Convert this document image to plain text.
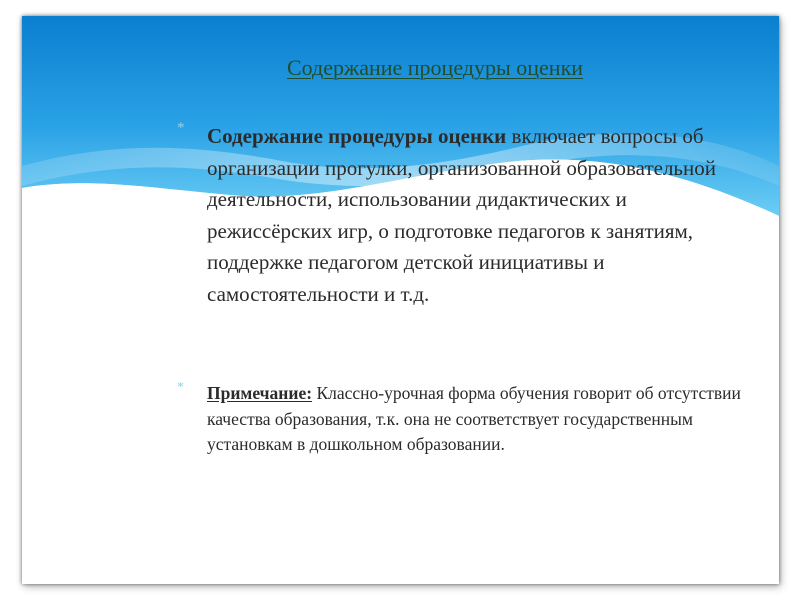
Содержание процедуры оценки
* Содержание процедуры оценки включает вопросы об организации прогулки, организованной образовательной деятельности, использовании дидактических и режиссёрских игр, о подготовке педагогов к занятиям, поддержке педагогом детской инициативы и самостоятельности и т.д.

* Примечание: Классно-урочная форма обучения говорит об отсутствии качества образования, т.к. она не соответствует государственным установкам в дошкольном образовании.
